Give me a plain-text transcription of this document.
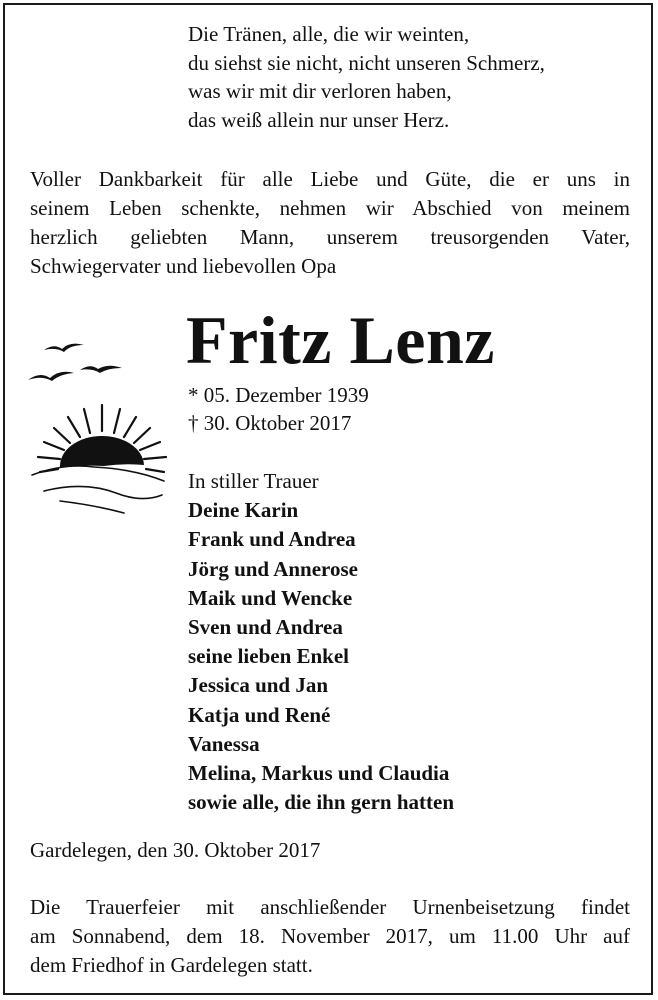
Die Tränen, alle, die wir weinten,
du siehst sie nicht, nicht unseren Schmerz,
was wir mit dir verloren haben,
das weiß allein nur unser Herz.
Voller Dankbarkeit für alle Liebe und Güte, die er uns in
seinem Leben schenkte, nehmen wir Abschied von meinem
herzlich geliebten Mann, unserem treusorgenden Vater,
Schwiegervater und liebevollen Opa
Fritz Lenz
* 05. Dezember 1939
† 30. Oktober 2017
In stiller Trauer
Deine Karin
Frank und Andrea
Jörg und Annerose
Maik und Wencke
Sven und Andrea
seine lieben Enkel
Jessica und Jan
Katja und René
Vanessa
Melina, Markus und Claudia
sowie alle, die ihn gern hatten
Gardelegen, den 30. Oktober 2017
Die Trauerfeier mit anschließender Urnenbeisetzung findet
am Sonnabend, dem 18. November 2017, um 11.00 Uhr auf
dem Friedhof in Gardelegen statt.
